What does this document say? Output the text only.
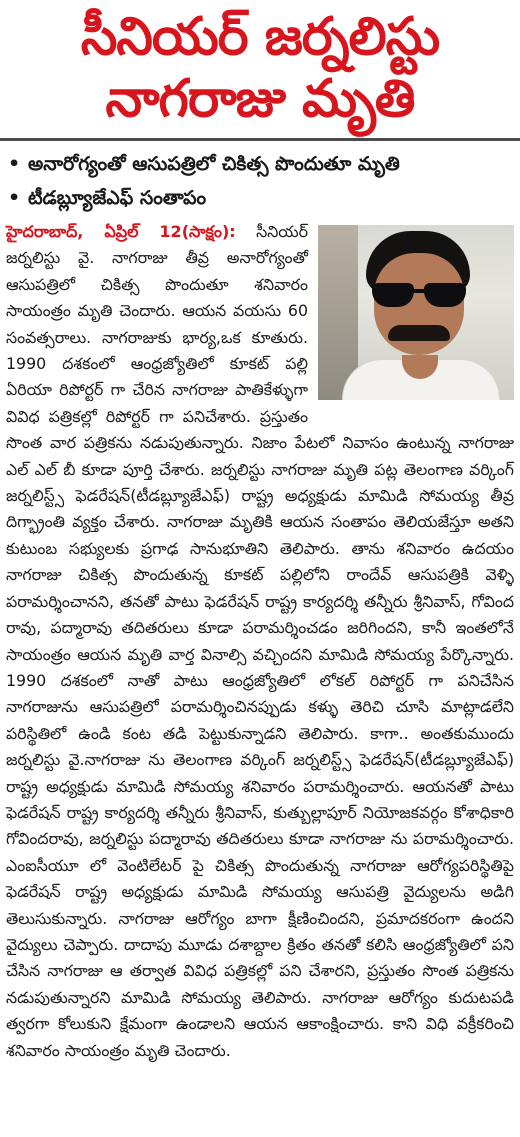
సీనియర్ జర్నలిస్టు
నాగరాజు మృతి
• అనారోగ్యంతో ఆసుపత్రిలో చికిత్స పొందుతూ మృతి
• టీడబ్ల్యూజేఎఫ్ సంతాపం

హైదరాబాద్, ఏప్రిల్ 12(సాక్షం): సీనియర్ జర్నలిస్టు వై. నాగరాజు తీవ్ర అనారోగ్యంతో ఆసుపత్రిలో చికిత్స పొందుతూ శనివారం సాయంత్రం మృతి చెందారు. ఆయన వయసు 60 సంవత్సరాలు. నాగరాజుకు భార్య,ఒక కూతురు. 1990 దశకంలో ఆంధ్రజ్యోతిలో కూకట్ పల్లి ఏరియా రిపోర్టర్ గా చేరిన నాగరాజు పాతికేళ్ళుగా వివిధ పత్రికల్లో రిపోర్టర్ గా పనిచేశారు. ప్రస్తుతం సొంత వార పత్రికను నడుపుతున్నారు. నిజాం పేటలో నివాసం ఉంటున్న నాగరాజు ఎల్ ఎల్ బీ కూడా పూర్తి చేశారు. జర్నలిస్టు నాగరాజు మృతి పట్ల తెలంగాణ వర్కింగ్ జర్నలిస్ట్స్ ఫెడరేషన్(టీడబ్ల్యూజేఎఫ్) రాష్ట్ర అధ్యక్షుడు మామిడి సోమయ్య తీవ్ర దిగ్భ్రాంతి వ్యక్తం చేశారు. నాగరాజు మృతికి ఆయన సంతాపం తెలియజేస్తూ అతని కుటుంబ సభ్యులకు ప్రగాఢ సానుభూతిని తెలిపారు. తాను శనివారం ఉదయం నాగరాజు చికిత్స పొందుతున్న కూకట్ పల్లిలోని రాందేవ్ ఆసుపత్రికి వెళ్ళి పరామర్శించానని, తనతో పాటు ఫెడరేషన్ రాష్ట్ర కార్యదర్శి తన్నీరు శ్రీనివాస్, గోవింద రావు, పద్మారావు తదితరులు కూడా పరామర్శించడం జరిగిందని, కానీ ఇంతలోనే సాయంత్రం ఆయన మృతి వార్త వినాల్సి వచ్చిందని మామిడి సోమయ్య పేర్కొన్నారు. 1990 దశకంలో నాతో పాటు ఆంధ్రజ్యోతిలో లోకల్ రిపోర్టర్ గా పనిచేసిన నాగరాజును ఆసుపత్రిలో పరామర్శించినప్పుడు కళ్ళు తెరిచి చూసి మాట్లాడలేని పరిస్థితిలో ఉండి కంట తడి పెట్టుకున్నాడని తెలిపారు. కాగా.. అంతకుముందు జర్నలిస్టు వై.నాగరాజు ను తెలంగాణ వర్కింగ్ జర్నలిస్ట్స్ ఫెడరేషన్(టీడబ్ల్యూజేఎఫ్) రాష్ట్ర అధ్యక్షుడు మామిడి సోమయ్య శనివారం పరామర్శించారు. ఆయనతో పాటు ఫెడరేషన్ రాష్ట్ర కార్యదర్శి తన్నీరు శ్రీనివాస్, కుత్బుల్లాపూర్ నియోజకవర్గం కోశాధికారి గోవిందరావు, జర్నలిస్టు పద్మారావు తదితరులు కూడా నాగరాజు ను పరామర్శించారు. ఎంఐసీయూ లో వెంటిలేటర్ పై చికిత్స పొందుతున్న నాగరాజు ఆరోగ్యపరిస్థితిపై ఫెడరేషన్ రాష్ట్ర అధ్యక్షుడు మామిడి సోమయ్య ఆసుపత్రి వైద్యులను అడిగి తెలుసుకున్నారు. నాగరాజు ఆరోగ్యం బాగా క్షీణించిందని, ప్రమాదకరంగా ఉందని వైద్యులు చెప్పారు. దాదాపు మూడు దశాబ్దాల క్రితం తనతో కలిసి ఆంధ్రజ్యోతిలో పని చేసిన నాగరాజు ఆ తర్వాత వివిధ పత్రికల్లో పని చేశారని, ప్రస్తుతం సొంత పత్రికను నడుపుతున్నారని మామిడి సోమయ్య తెలిపారు. నాగరాజు ఆరోగ్యం కుదుటపడి త్వరగా కోలుకుని క్షేమంగా ఉండాలని ఆయన ఆకాంక్షించారు. కాని విధి వక్రీకరించి శనివారం సాయంత్రం మృతి చెందారు.
